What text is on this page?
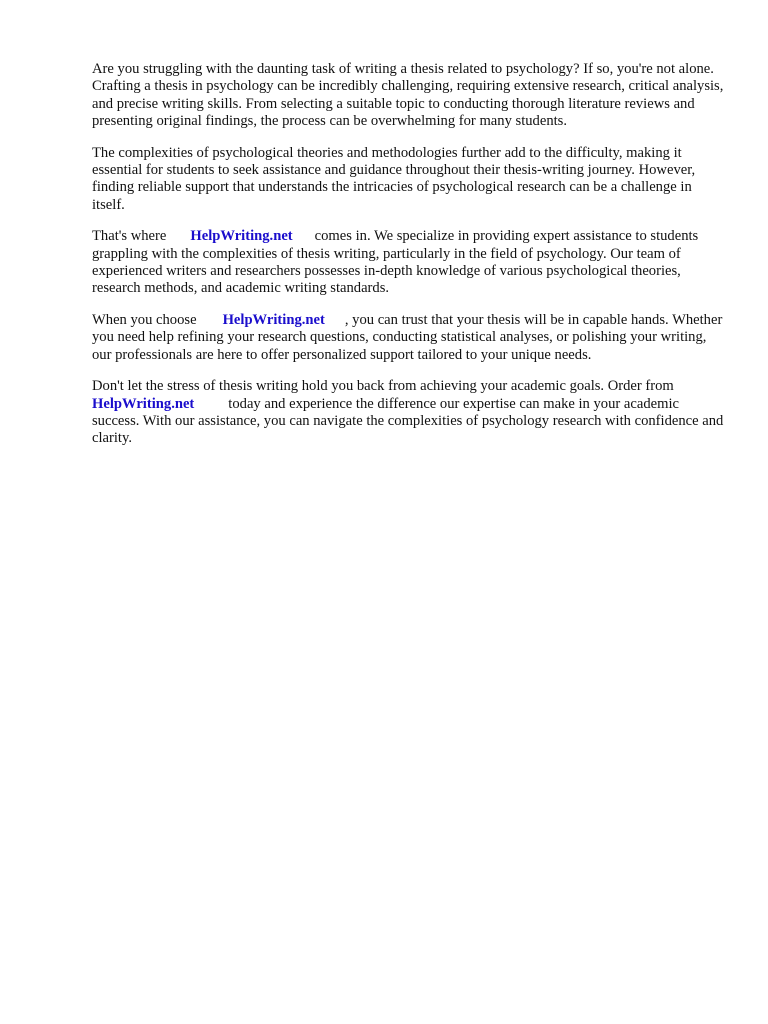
Are you struggling with the daunting task of writing a thesis related to psychology? If so, you're not alone. Crafting a thesis in psychology can be incredibly challenging, requiring extensive research, critical analysis, and precise writing skills. From selecting a suitable topic to conducting thorough literature reviews and presenting original findings, the process can be overwhelming for many students.

The complexities of psychological theories and methodologies further add to the difficulty, making it essential for students to seek assistance and guidance throughout their thesis-writing journey. However, finding reliable support that understands the intricacies of psychological research can be a challenge in itself.

That's where HelpWriting.net comes in. We specialize in providing expert assistance to students grappling with the complexities of thesis writing, particularly in the field of psychology. Our team of experienced writers and researchers possesses in-depth knowledge of various psychological theories, research methods, and academic writing standards.

When you choose HelpWriting.net , you can trust that your thesis will be in capable hands. Whether you need help refining your research questions, conducting statistical analyses, or polishing your writing, our professionals are here to offer personalized support tailored to your unique needs.

Don't let the stress of thesis writing hold you back from achieving your academic goals. Order fromHelpWriting.net today and experience the difference our expertise can make in your academic success. With our assistance, you can navigate the complexities of psychology research with confidence and clarity.
